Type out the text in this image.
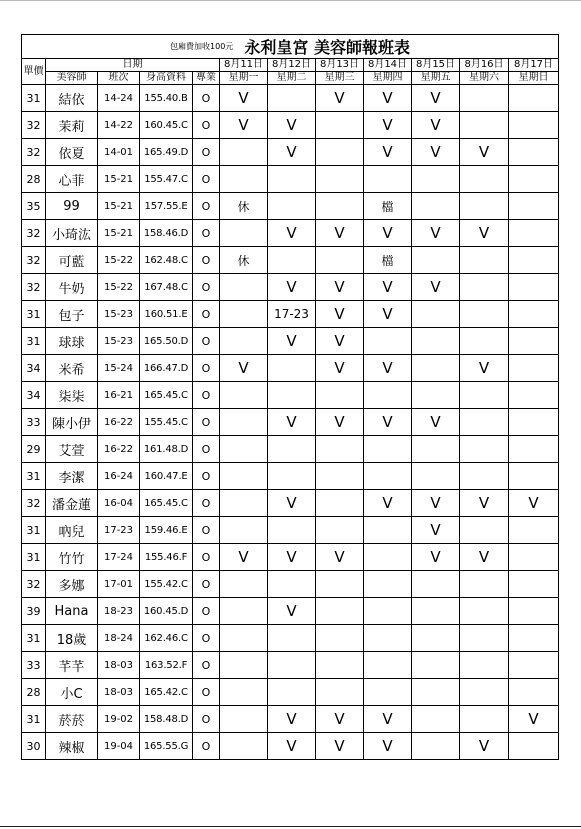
包廂費加收100元 永利皇宮 美容師報班表											
單價	日期				8月11日	8月12日	8月13日	8月14日	8月15日	8月16日	8月17日
	美容師	班次	身高資料	專業	星期一	星期二	星期三	星期四	星期五	星期六	星期日
31	結依	14-24	155.40.B	O	V		V	V	V		
32	茉莉	14-22	160.45.C	O	V	V		V	V		
32	依夏	14-01	165.49.D	O		V		V	V	V	
28	心菲	15-21	155.47.C	O							
35	99	15-21	157.55.E	O	休			檔			
32	小琦汯	15-21	158.46.D	O		V	V	V	V	V	
32	可藍	15-22	162.48.C	O	休			檔			
32	牛奶	15-22	167.48.C	O		V	V	V	V		
31	包子	15-23	160.51.E	O		17-23	V	V			
31	球球	15-23	165.50.D	O		V	V				
34	米希	15-24	166.47.D	O	V		V	V		V	
34	柒柒	16-21	165.45.C	O							
33	陳小伊	16-22	155.45.C	O		V	V	V	V		
29	艾萱	16-22	161.48.D	O							
31	李潔	16-24	160.47.E	O							
32	潘金蓮	16-04	165.45.C	O		V		V	V	V	V
31	吶兒	17-23	159.46.E	O					V		
31	竹竹	17-24	155.46.F	O	V	V	V		V	V	
32	多娜	17-01	155.42.C	O							
39	Hana	18-23	160.45.D	O		V					
31	18歲	18-24	162.46.C	O							
33	芊芊	18-03	163.52.F	O							
28	小C	18-03	165.42.C	O							
31	菸菸	19-02	158.48.D	O		V	V	V			V
30	辣椒	19-04	165.55.G	O		V	V	V		V	
